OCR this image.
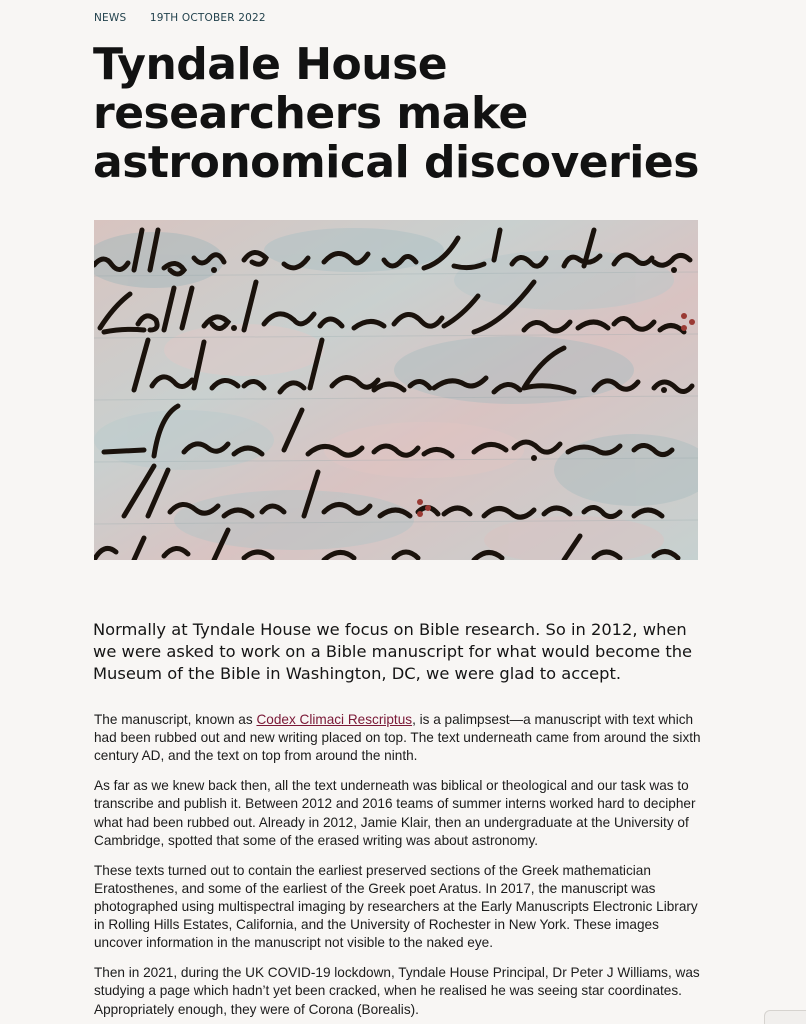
NEWS 19TH OCTOBER 2022
Tyndale House researchers make astronomical discoveries

Normally at Tyndale House we focus on Bible research. So in 2012, when we were asked to work on a Bible manuscript for what would become the Museum of the Bible in Washington, DC, we were glad to accept.

The manuscript, known as Codex Climaci Rescriptus, is a palimpsest—a manuscript with text which had been rubbed out and new writing placed on top. The text underneath came from around the sixth century AD, and the text on top from around the ninth.

As far as we knew back then, all the text underneath was biblical or theological and our task was to transcribe and publish it. Between 2012 and 2016 teams of summer interns worked hard to decipher what had been rubbed out. Already in 2012, Jamie Klair, then an undergraduate at the University of Cambridge, spotted that some of the erased writing was about astronomy.

These texts turned out to contain the earliest preserved sections of the Greek mathematician Eratosthenes, and some of the earliest of the Greek poet Aratus. In 2017, the manuscript was photographed using multispectral imaging by researchers at the Early Manuscripts Electronic Library in Rolling Hills Estates, California, and the University of Rochester in New York. These images uncover information in the manuscript not visible to the naked eye.

Then in 2021, during the UK COVID-19 lockdown, Tyndale House Principal, Dr Peter J Williams, was studying a page which hadn’t yet been cracked, when he realised he was seeing star coordinates. Appropriately enough, they were of Corona (Borealis).
